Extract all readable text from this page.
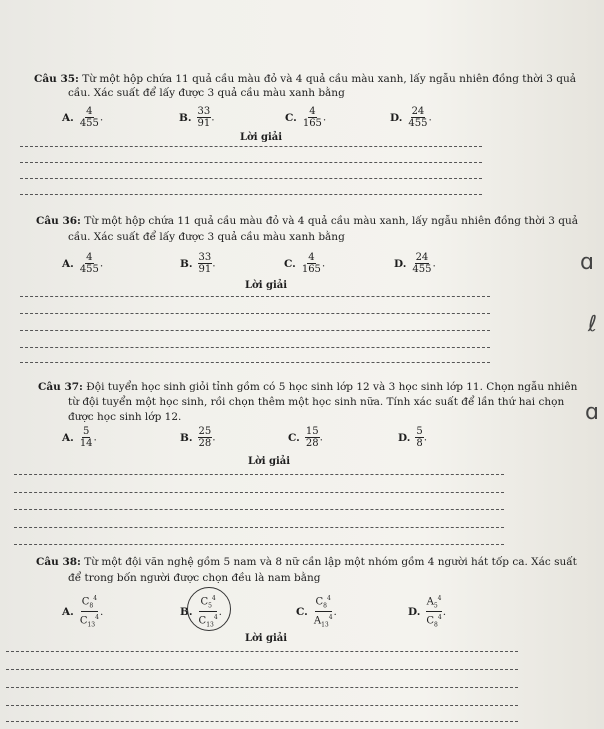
Câu 35: Từ một hộp chứa 11 quả cầu màu đỏ và 4 quả cầu màu xanh, lấy ngẫu nhiên đồng thời 3 quả
cầu. Xác suất để lấy được 3 quả cầu màu xanh bằng
A. $\frac{4}{455}$ .	B. $\frac{33}{91}$ .	C. $\frac{4}{165}$ .	D. $\frac{24}{455}$ .
Lời giải
Câu 36: Từ một hộp chứa 11 quả cầu màu đỏ và 4 quả cầu màu xanh, lấy ngẫu nhiên đồng thời 3 quả
cầu. Xác suất để lấy được 3 quả cầu màu xanh bằng
A. $\frac{4}{455}$ .	B. $\frac{33}{91}$ .	C. $\frac{4}{165}$ .	D. $\frac{24}{455}$ .
Lời giải
Câu 37: Đội tuyển học sinh giỏi tỉnh gồm có 5 học sinh lớp 12 và 3 học sinh lớp 11. Chọn ngẫu nhiên
từ đội tuyển một học sinh, rồi chọn thêm một học sinh nữa. Tính xác suất để lần thứ hai chọn
được học sinh lớp 12.
A. $\frac{5}{14}$ .	B. $\frac{25}{28}$ .	C. $\frac{15}{28}$ .	D. $\frac{5}{8}$ .
Lời giải
Câu 38: Từ một đội văn nghệ gồm 5 nam và 8 nữ cần lập một nhóm gồm 4 người hát tốp ca. Xác suất
để trong bốn người được chọn đều là nam bằng
A. $\frac{C_8^4}{C_{13}^4}$ .	B. $\frac{C_5^4}{C_{13}^4}$ .	C. $\frac{C_8^4}{A_{13}^4}$ .	D. $\frac{A_5^4}{C_8^4}$ .
Lời giải
ɑ
ℓ
ɑ
